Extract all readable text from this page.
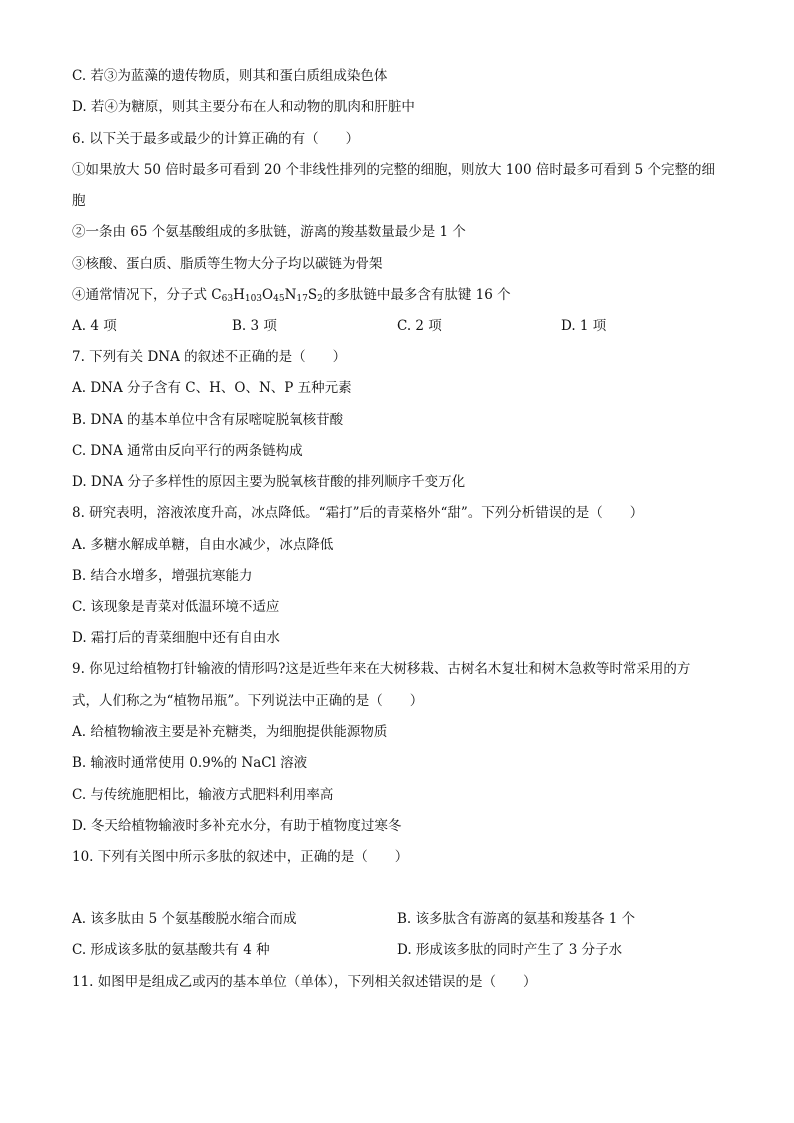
C. 若③为蓝藻的遗传物质，则其和蛋白质组成染色体
D. 若④为糖原，则其主要分布在人和动物的肌肉和肝脏中
6. 以下关于最多或最少的计算正确的有（　　）
①如果放大 50 倍时最多可看到 20 个非线性排列的完整的细胞，则放大 100 倍时最多可看到 5 个完整的细
胞
②一条由 65 个氨基酸组成的多肽链，游离的羧基数量最少是 1 个
③核酸、蛋白质、脂质等生物大分子均以碳链为骨架
④通常情况下，分子式 $C_{63}H_{103}O_{45}N_{17}S_2$的多肽链中最多含有肽键 16 个
A. 4 项	B. 3 项	C. 2 项	D. 1 项
7. 下列有关 DNA 的叙述不正确的是（　　）
A. DNA 分子含有 C、H、O、N、P 五种元素
B. DNA 的基本单位中含有尿嘧啶脱氧核苷酸
C. DNA 通常由反向平行的两条链构成
D. DNA 分子多样性的原因主要为脱氧核苷酸的排列顺序千变万化
8. 研究表明，溶液浓度升高，冰点降低。“霜打”后的青菜格外“甜”。下列分析错误的是（　　）
A. 多糖水解成单糖，自由水减少，冰点降低
B. 结合水增多，增强抗寒能力
C. 该现象是青菜对低温环境不适应
D. 霜打后的青菜细胞中还有自由水
9. 你见过给植物打针输液的情形吗?这是近些年来在大树移栽、古树名木复壮和树木急救等时常采用的方
式，人们称之为“植物吊瓶”。下列说法中正确的是（　　）
A. 给植物输液主要是补充糖类，为细胞提供能源物质
B. 输液时通常使用 0.9%的 NaCl 溶液
C. 与传统施肥相比，输液方式肥料利用率高
D. 冬天给植物输液时多补充水分，有助于植物度过寒冬
10. 下列有关图中所示多肽的叙述中，正确的是（　　）
A. 该多肽由 5 个氨基酸脱水缩合而成	B. 该多肽含有游离的氨基和羧基各 1 个
C. 形成该多肽的氨基酸共有 4 种	D. 形成该多肽的同时产生了 3 分子水
11. 如图甲是组成乙或丙的基本单位（单体），下列相关叙述错误的是（　　）
